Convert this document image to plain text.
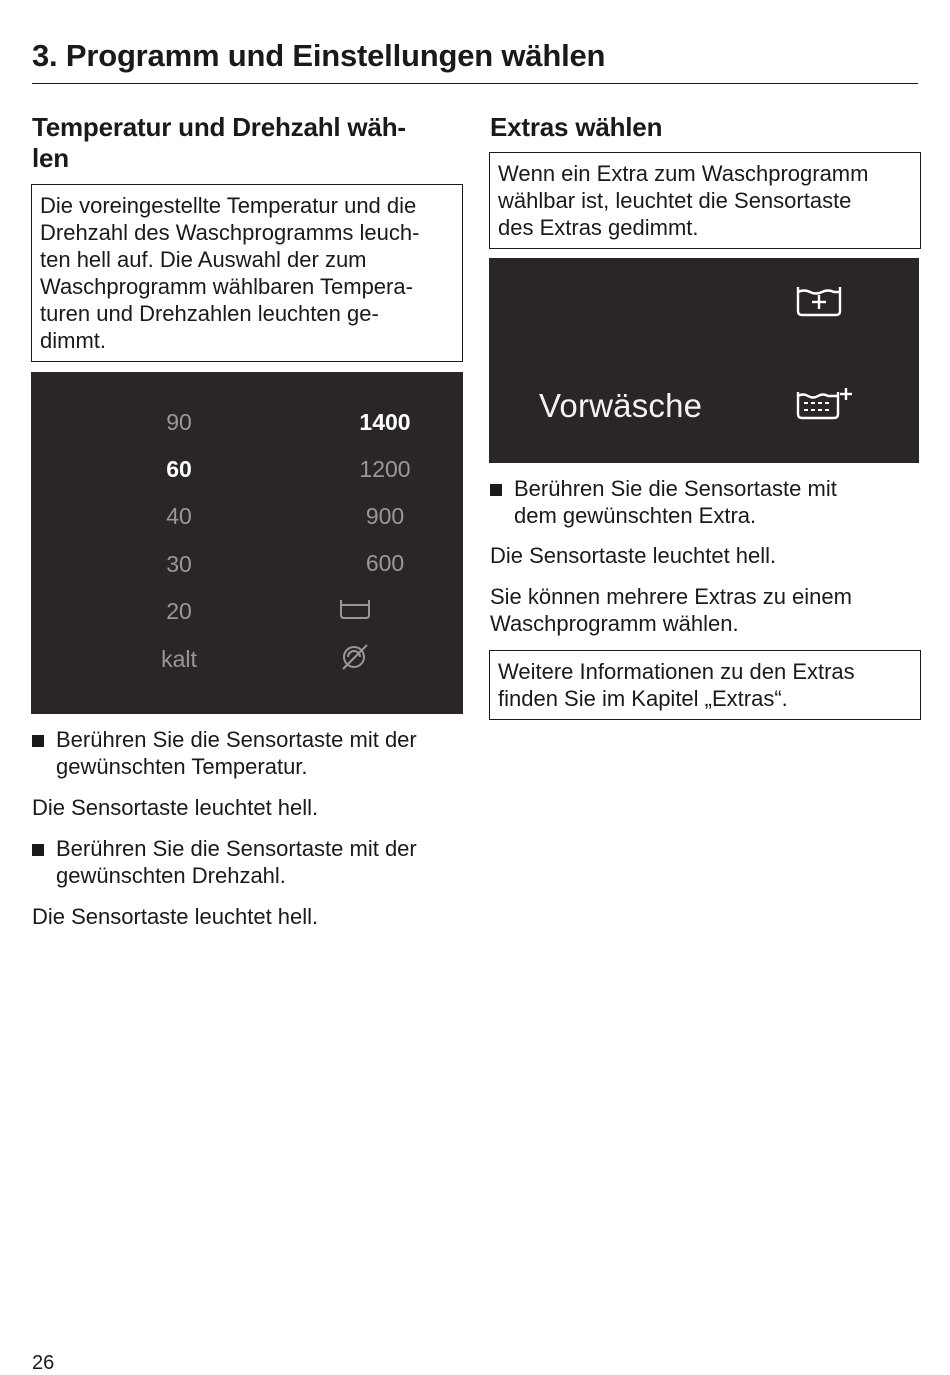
3. Programm und Einstellungen wählen
Temperatur und Drehzahl wäh-
len

Die voreingestellte Temperatur und die

Drehzahl des Waschprogramms leuch-

ten hell auf. Die Auswahl der zum

Waschprogramm wählbaren Tempera-

turen und Drehzahlen leuchten ge-

dimmt.

90
60
40
30
20
kalt
1400
1200
900
600
Berühren Sie die Sensortaste mit der
gewünschten Temperatur.

Die Sensortaste leuchtet hell.

Berühren Sie die Sensortaste mit der
gewünschten Drehzahl.

Die Sensortaste leuchtet hell.

Extras wählen

Wenn ein Extra zum Waschprogramm

wählbar ist, leuchtet die Sensortaste

des Extras gedimmt.

Vorwäsche
Berühren Sie die Sensortaste mit
dem gewünschten Extra.

Die Sensortaste leuchtet hell.

Sie können mehrere Extras zu einem
Waschprogramm wählen.

Weitere Informationen zu den Extras

finden Sie im Kapitel „Extras“.

26
